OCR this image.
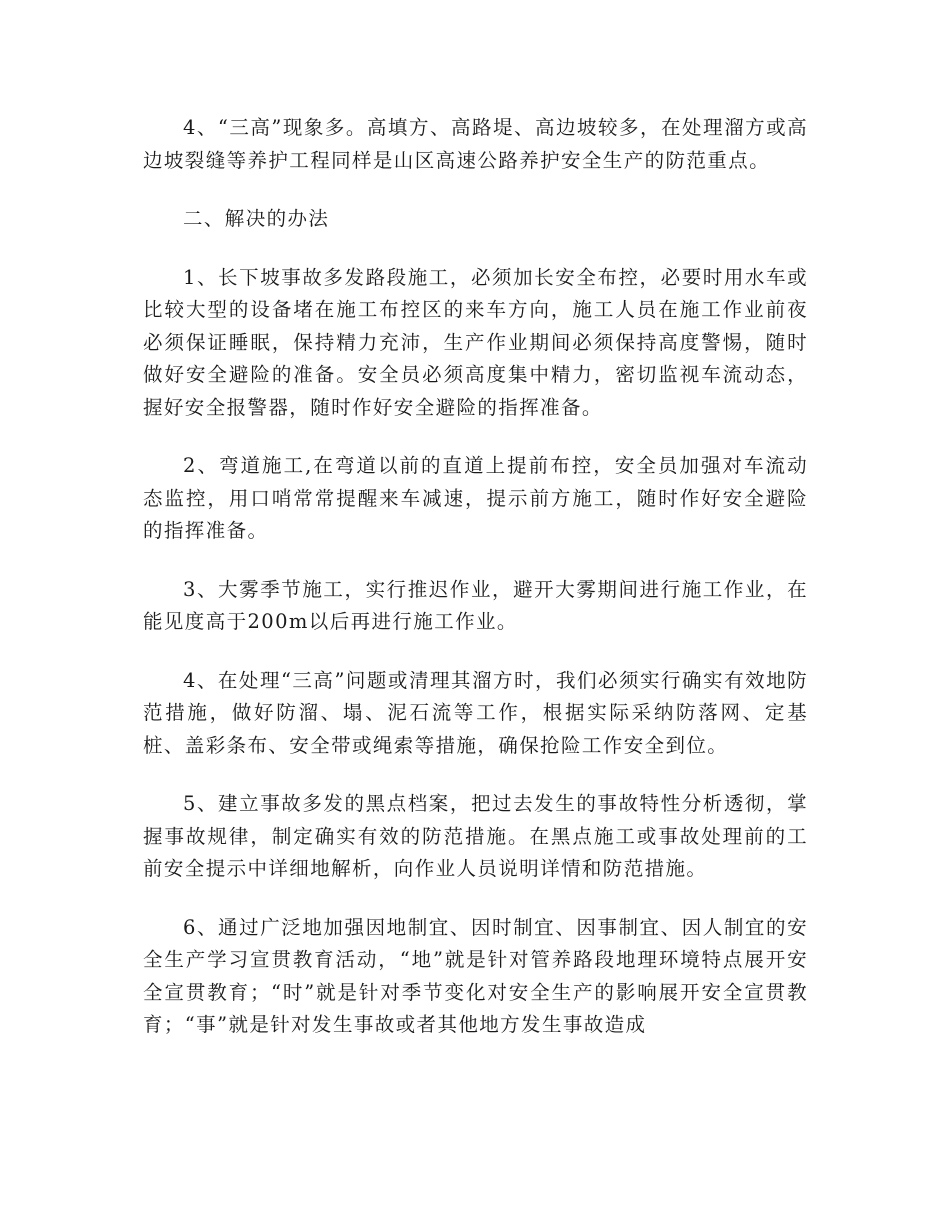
4、“三高”现象多。高填方、高路堤、高边坡较多，在处理溜方或高边坡裂缝等养护工程同样是山区高速公路养护安全生产的防范重点。

二、解决的办法

1、长下坡事故多发路段施工，必须加长安全布控，必要时用水车或比较大型的设备堵在施工布控区的来车方向，施工人员在施工作业前夜必须保证睡眠，保持精力充沛，生产作业期间必须保持高度警惕，随时做好安全避险的准备。安全员必须高度集中精力，密切监视车流动态，握好安全报警器，随时作好安全避险的指挥准备。

2、弯道施工,在弯道以前的直道上提前布控，安全员加强对车流动态监控，用口哨常常提醒来车减速，提示前方施工，随时作好安全避险的指挥准备。

3、大雾季节施工，实行推迟作业，避开大雾期间进行施工作业，在能见度高于200m以后再进行施工作业。

4、在处理“三高”问题或清理其溜方时，我们必须实行确实有效地防范措施，做好防溜、塌、泥石流等工作，根据实际采纳防落网、定基桩、盖彩条布、安全带或绳索等措施，确保抢险工作安全到位。

5、建立事故多发的黑点档案，把过去发生的事故特性分析透彻，掌握事故规律，制定确实有效的防范措施。在黑点施工或事故处理前的工前安全提示中详细地解析，向作业人员说明详情和防范措施。

6、通过广泛地加强因地制宜、因时制宜、因事制宜、因人制宜的安全生产学习宣贯教育活动，“地”就是针对管养路段地理环境特点展开安全宣贯教育；“时”就是针对季节变化对安全生产的影响展开安全宣贯教育；“事”就是针对发生事故或者其他地方发生事故造成
